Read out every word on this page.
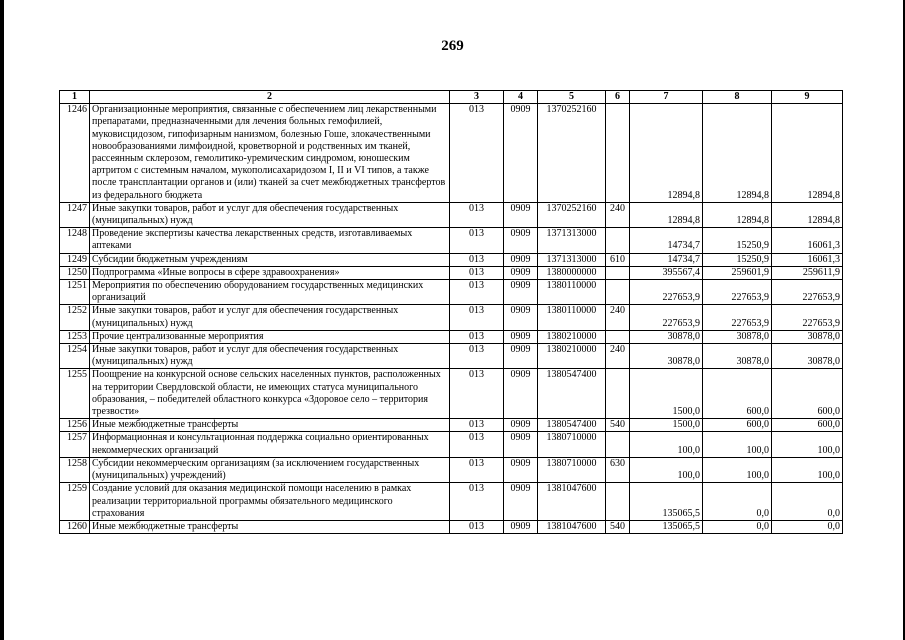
269
1	2	3	4	5	6	7	8	9
1246	Организационные мероприятия, связанные с обеспечением лиц лекарственными препаратами, предназначенными для лечения больных гемофилией, муковисцидозом, гипофизарным нанизмом, болезнью Гоше, злокачественными новообразованиями лимфоидной, кроветворной и родственных им тканей, рассеянным склерозом, гемолитико-уремическим синдромом, юношеским артритом с системным началом, мукополисахаридозом I, II и VI типов, а также после трансплантации органов и (или) тканей за счет межбюджетных трансфертов из федерального бюджета	013	0909	1370252160		12894,8	12894,8	12894,8
1247	Иные закупки товаров, работ и услуг для обеспечения государственных (муниципальных) нужд	013	0909	1370252160	240	12894,8	12894,8	12894,8
1248	Проведение экспертизы качества лекарственных средств, изготавливаемых аптеками	013	0909	1371313000		14734,7	15250,9	16061,3
1249	Субсидии бюджетным учреждениям	013	0909	1371313000	610	14734,7	15250,9	16061,3
1250	Подпрограмма «Иные вопросы в сфере здравоохранения»	013	0909	1380000000		395567,4	259601,9	259611,9
1251	Мероприятия по обеспечению оборудованием государственных медицинских организаций	013	0909	1380110000		227653,9	227653,9	227653,9
1252	Иные закупки товаров, работ и услуг для обеспечения государственных (муниципальных) нужд	013	0909	1380110000	240	227653,9	227653,9	227653,9
1253	Прочие централизованные мероприятия	013	0909	1380210000		30878,0	30878,0	30878,0
1254	Иные закупки товаров, работ и услуг для обеспечения государственных (муниципальных) нужд	013	0909	1380210000	240	30878,0	30878,0	30878,0
1255	Поощрение на конкурсной основе сельских населенных пунктов, расположенных на территории Свердловской области, не имеющих статуса муниципального образования, – победителей областного конкурса «Здоровое село – территория трезвости»	013	0909	1380547400		1500,0	600,0	600,0
1256	Иные межбюджетные трансферты	013	0909	1380547400	540	1500,0	600,0	600,0
1257	Информационная и консультационная поддержка социально ориентированных некоммерческих организаций	013	0909	1380710000		100,0	100,0	100,0
1258	Субсидии некоммерческим организациям (за исключением государственных (муниципальных) учреждений)	013	0909	1380710000	630	100,0	100,0	100,0
1259	Создание условий для оказания медицинской помощи населению в рамках реализации территориальной программы обязательного медицинского страхования	013	0909	1381047600		135065,5	0,0	0,0
1260	Иные межбюджетные трансферты	013	0909	1381047600	540	135065,5	0,0	0,0
